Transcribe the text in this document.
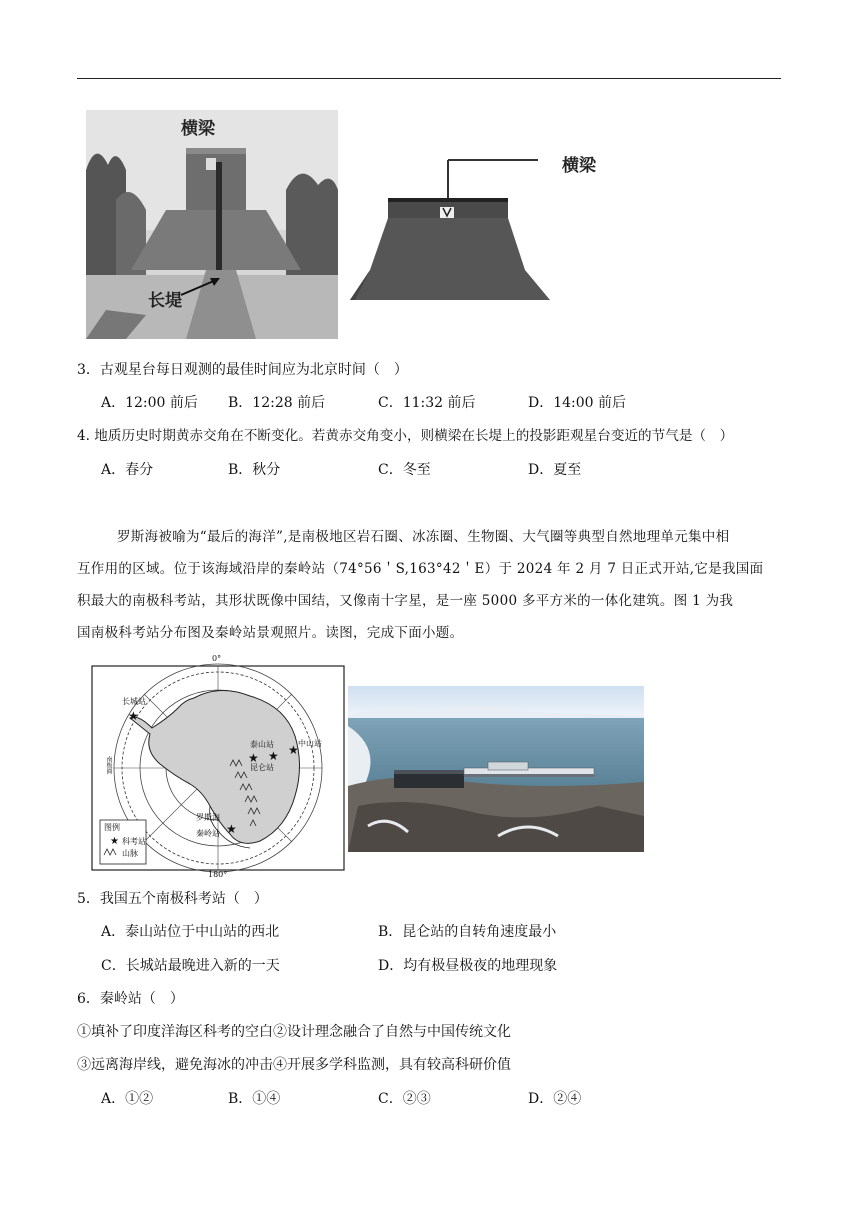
横梁
长堤
横梁
3．古观星台每日观测的最佳时间应为北京时间（　）
A．12:00 前后 B．12:28 前后	C．11:32 前后	D．14:00 前后
4. 地质历史时期黄赤交角在不断变化。若黄赤交角变小，则横梁在长堤上的投影距观星台变近的节气是（　）
A．春分	B．秋分	C．冬至	D．夏至
罗斯海被喻为“最后的海洋”,是南极地区岩石圈、冰冻圈、生物圈、大气圈等典型自然地理单元集中相
互作用的区域。位于该海域沿岸的秦岭站（74°56＇S,163°42＇E）于 2024 年 2 月 7 日正式开站,它是我国面
积最大的南极科考站，其形状既像中国结，又像南十字星，是一座 5000 多平方米的一体化建筑。图 1 为我
国南极科考站分布图及秦岭站景观照片。读图，完成下面小题。
★
★ ★ ★
★
★
0°
180°
长城站
泰山站	中山站
昆仑站
罗斯海
秦岭站
南极圈
图例
科考站
山脉
5．我国五个南极科考站（　）
A．泰山站位于中山站的西北	B．昆仑站的自转角速度最小
C．长城站最晚进入新的一天	D．均有极昼极夜的地理现象
6．秦岭站（　）
①填补了印度洋海区科考的空白②设计理念融合了自然与中国传统文化
③远离海岸线，避免海冰的冲击④开展多学科监测，具有较高科研价值
A．①②	B．①④	C．②③	D．②④
